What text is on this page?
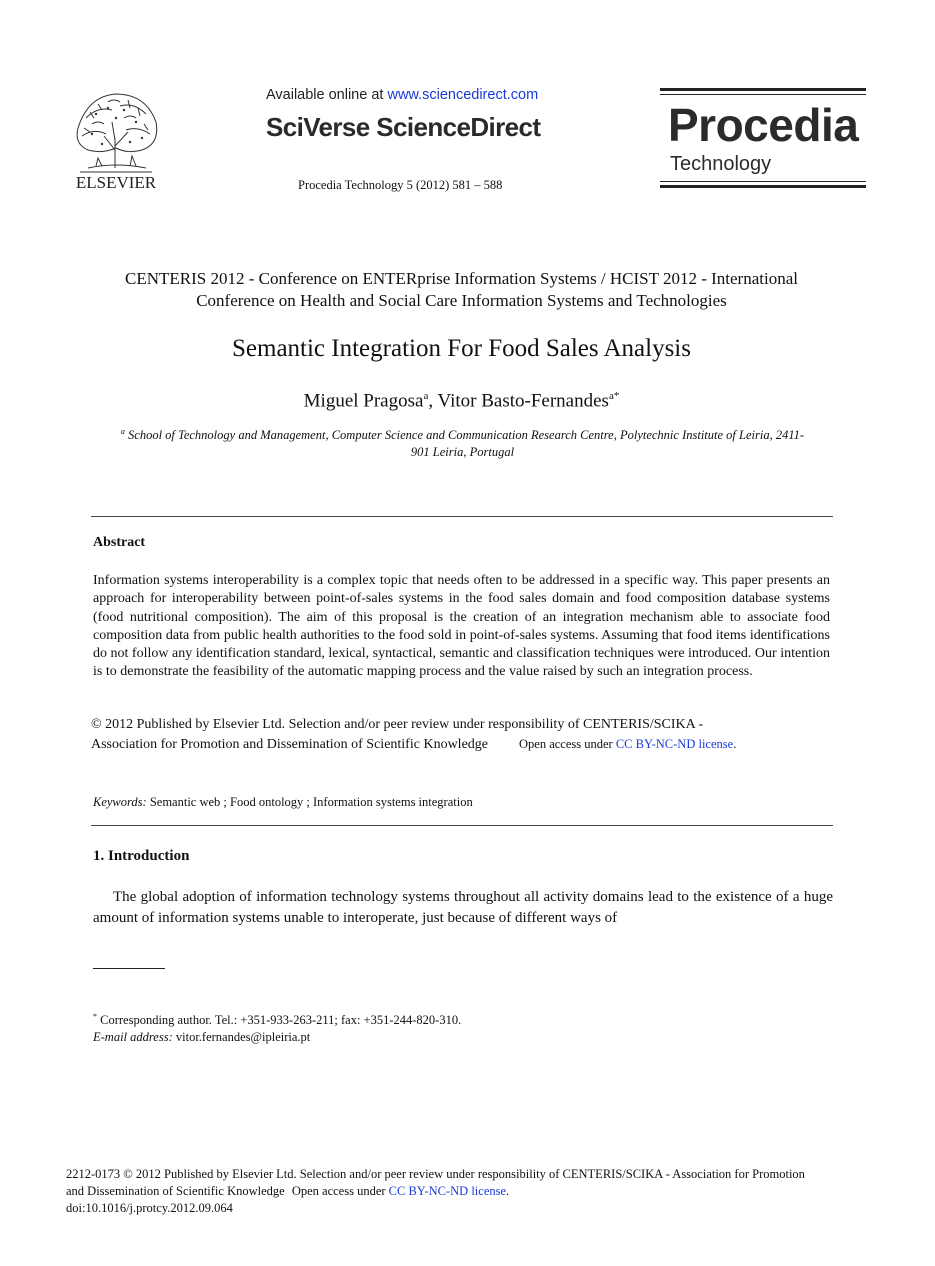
ELSEVIER
Available online at www.sciencedirect.com
SciVerse ScienceDirect
Procedia Technology 5 (2012) 581 – 588
Procedia
Technology
CENTERIS 2012 - Conference on ENTERprise Information Systems / HCIST 2012 - International
Conference on Health and Social Care Information Systems and Technologies
Semantic Integration For Food Sales Analysis
Miguel Pragosa$^a$, Vitor Basto-Fernandes$^{a*}$
$^a$ School of Technology and Management, Computer Science and Communication Research Centre, Polytechnic Institute of Leiria, 2411-
901 Leiria, Portugal
Abstract
Information systems interoperability is a complex topic that needs often to be addressed in a specific way. This paper presents an approach for interoperability between point-of-sales systems in the food sales domain and food composition database systems (food nutritional composition). The aim of this proposal is the creation of an integration mechanism able to associate food composition data from public health authorities to the food sold in point-of-sales systems. Assuming that food items identifications do not follow any identification standard, lexical, syntactical, semantic and classification techniques were introduced. Our intention is to demonstrate the feasibility of the automatic mapping process and the value raised by such an integration process.
© 2012 Published by Elsevier Ltd. Selection and/or peer review under responsibility of CENTERIS/SCIKA -
Association for Promotion and Dissemination of Scientific Knowledge Open access under CC BY-NC-ND license.
Keywords: Semantic web ; Food ontology ; Information systems integration
1. Introduction
The global adoption of information technology systems throughout all activity domains lead to the existence of a huge amount of information systems unable to interoperate, just because of different ways of
* Corresponding author. Tel.: +351-933-263-211; fax: +351-244-820-310.
E-mail address: vitor.fernandes@ipleiria.pt
2212-0173 © 2012 Published by Elsevier Ltd. Selection and/or peer review under responsibility of CENTERIS/SCIKA - Association for Promotion
and Dissemination of Scientific Knowledge Open access under CC BY-NC-ND license.
doi:10.1016/j.protcy.2012.09.064
